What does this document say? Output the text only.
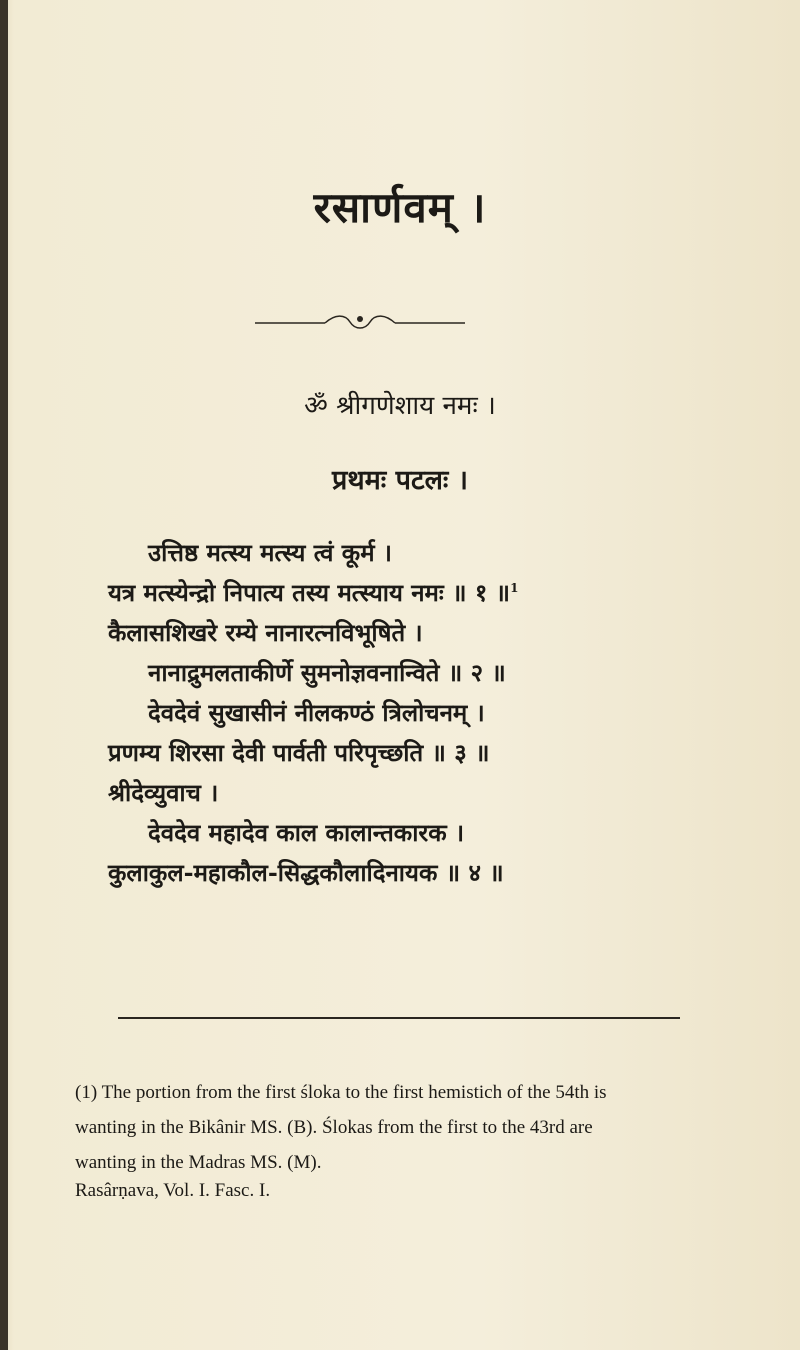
रसार्णवम् ।
ॐ श्रीगणेशाय नमः ।
प्रथमः पटलः ।
उत्तिष्ठ मत्स्य मत्स्य त्वं कूर्म ।
यत्र मत्स्येन्द्रो निपात्य तस्य मत्स्याय नमः ॥ १ ॥$^1$
कैलासशिखरे रम्ये नानारत्नविभूषिते ।
नानाद्रुमलताकीर्णे सुमनोज्ञवनान्विते ॥ २ ॥
देवदेवं सुखासीनं नीलकण्ठं त्रिलोचनम् ।
प्रणम्य शिरसा देवी पार्वती परिपृच्छति ॥ ३ ॥
श्रीदेव्युवाच ।
देवदेव महादेव काल कालान्तकारक ।
कुलाकुल-महाकौल-सिद्धकौलादिनायक ॥ ४ ॥
(1) The portion from the first śloka to the first hemistich of the 54th is wanting in the Bikânir MS. (B). Ślokas from the first to the 43rd are wanting in the Madras MS. (M).
Rasârṇava, Vol. I. Fasc. I.
